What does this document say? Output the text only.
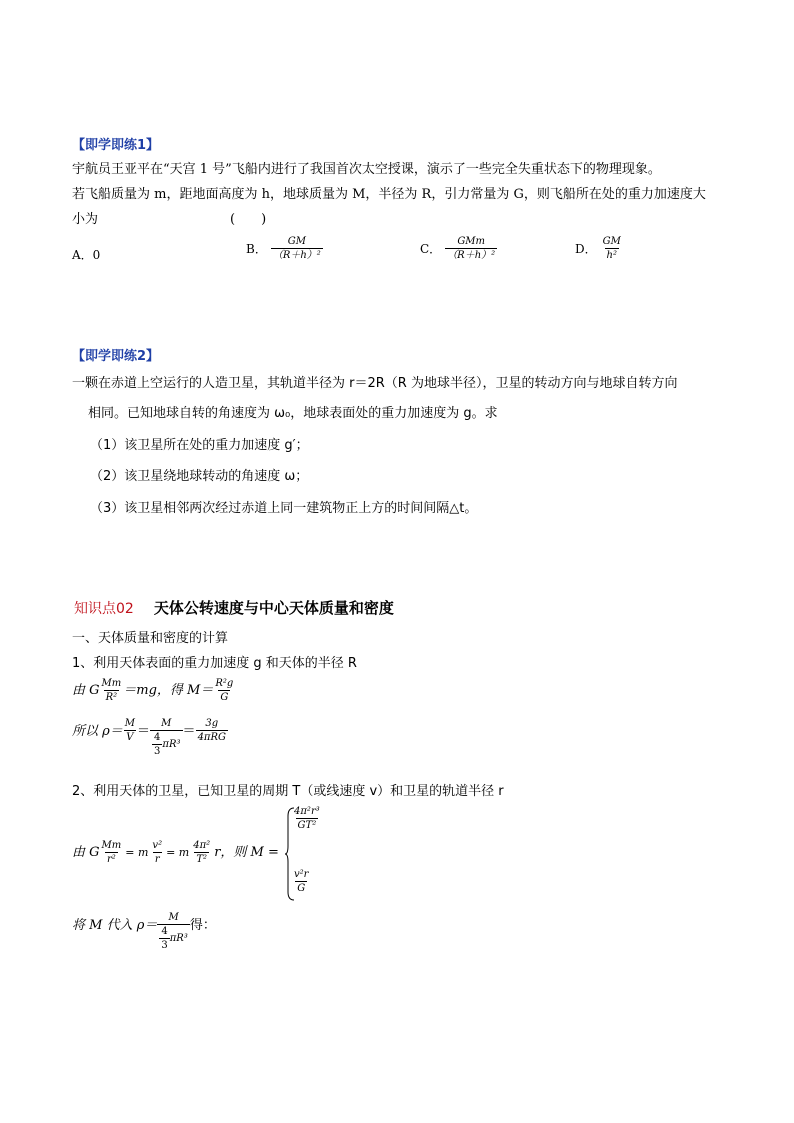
【即学即练1】
宇航员王亚平在“天宫 1 号”飞船内进行了我国首次太空授课，演示了一些完全失重状态下的物理现象。
若飞船质量为 m，距地面高度为 h，地球质量为 M，半径为 R，引力常量为 G，则飞船所在处的重力加速度大
小为	(　　)
A．0	B． $\frac{GM}{\text{（R＋h）²}}$	C． $\frac{\text{GMm}}{\text{（R＋h）²}}$	D． $\frac{GM}{\text{h²}}$
【即学即练2】
一颗在赤道上空运行的人造卫星，其轨道半径为 r＝2R（R 为地球半径），卫星的转动方向与地球自转方向
相同。已知地球自转的角速度为 ω₀，地球表面处的重力加速度为 g。求
（1）该卫星所在处的重力加速度 g′；
（2）该卫星绕地球转动的角速度 ω；
（3）该卫星相邻两次经过赤道上同一建筑物正上方的时间间隔△t。
知识点02 天体公转速度与中心天体质量和密度
一、天体质量和密度的计算
1、利用天体表面的重力加速度 g 和天体的半径 R
由 G $\frac{Mm}{\text{R²}} =mg$，得 $M= \frac{\text{R²g}}{G}$
所以 $\rho= \frac{M}{V} = \frac{M}{\frac{4}{3} \pi R^3} = \frac{3g}{\text{4πRG}}$
2、利用天体的卫星，已知卫星的周期 T（或线速度 v）和卫星的轨道半径 r
由 G $\frac{Mm}{\text{r²}} = m \frac{\text{v²}}{r} = m \frac{\text{4π²}}{\text{T²}}$ r，则 M =
$\frac{\text{4π²r³}}{\text{GT²}}$
$\frac{\text{v²r}}{G}$
将 M 代入 $\rho= \frac{M}{\frac{4}{3} \pi R^3}$ 得：
